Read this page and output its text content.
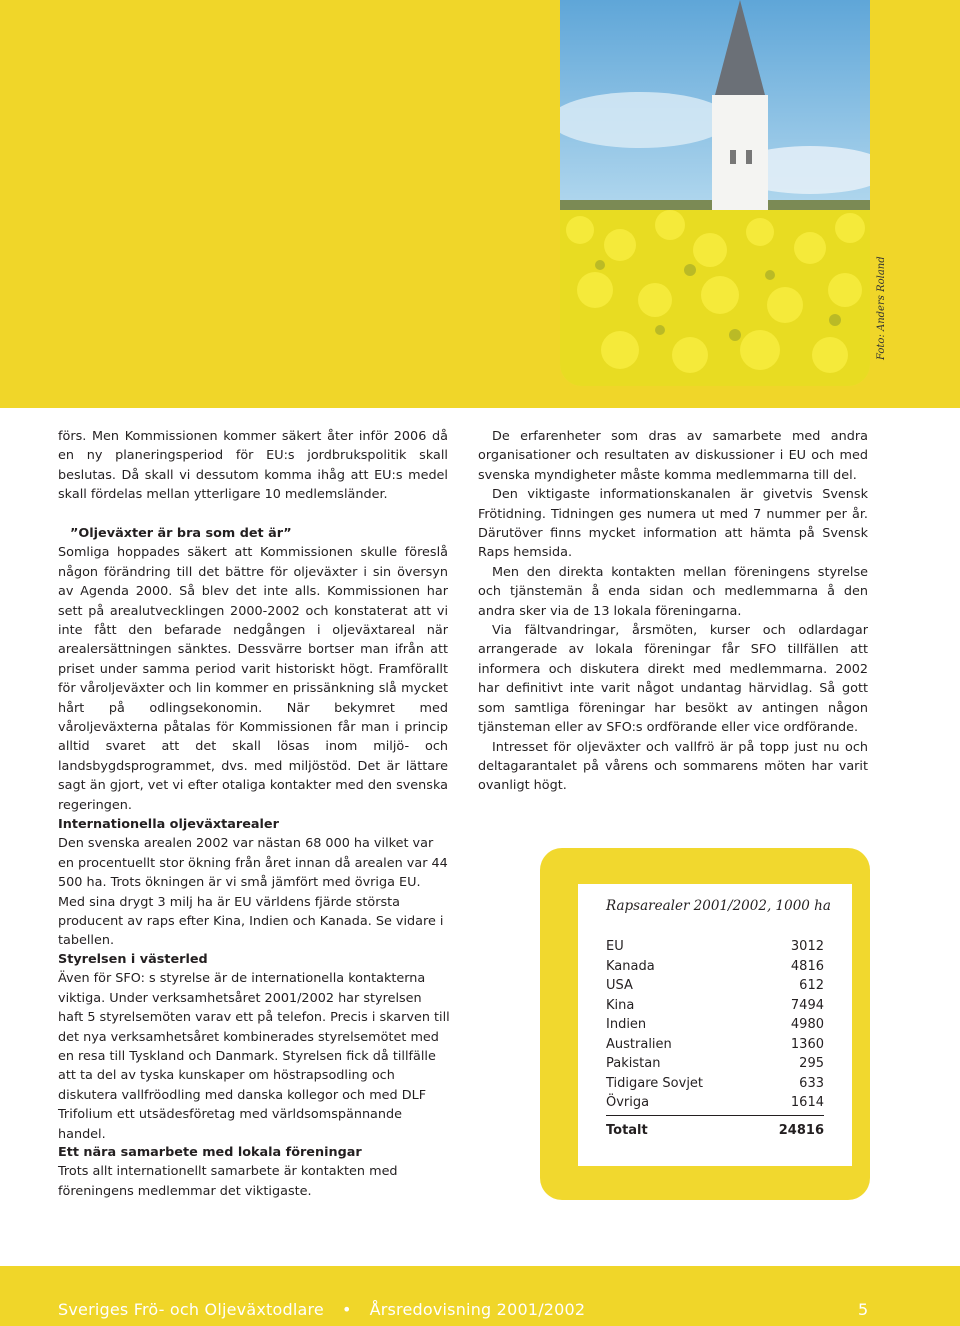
Foto: Anders Roland

förs. Men Kommissionen kommer säkert åter inför 2006 då en ny planeringsperiod för EU:s jordbrukspolitik skall beslutas. Då skall vi dessutom komma ihåg att EU:s medel skall fördelas mellan ytterligare 10 medlemsländer.

”Oljeväxter är bra som det är”

Somliga hoppades säkert att Kommissionen skulle föreslå någon förändring till det bättre för oljeväxter i sin översyn av Agenda 2000. Så blev det inte alls. Kommissionen har sett på arealutvecklingen 2000-2002 och konstaterat att vi inte fått den befarade nedgången i oljeväxtareal när arealersättningen sänktes. Dessvärre bortser man ifrån att priset under samma period varit historiskt högt. Framförallt för våroljeväxter och lin kommer en prissänkning slå mycket hårt på odlingsekonomin. När bekymret med våroljeväxterna påtalas för Kommissionen får man i princip alltid svaret att det skall lösas inom miljö- och landsbygdsprogrammet, dvs. med miljöstöd. Det är lättare sagt än gjort, vet vi efter otaliga kontakter med den svenska regeringen.

De erfarenheter som dras av samarbete med andra organisationer och resultaten av diskussioner i EU och med svenska myndigheter måste komma medlemmarna till del.

Den viktigaste informationskanalen är givetvis Svensk Frötidning. Tidningen ges numera ut med 7 nummer per år. Därutöver finns mycket information att hämta på Svensk Raps hemsida.

Men den direkta kontakten mellan föreningens styrelse och tjänstemän å enda sidan och medlemmarna å den andra sker via de 13 lokala föreningarna.

Via fältvandringar, årsmöten, kurser och odlardagar arrangerade av lokala föreningar får SFO tillfällen att informera och diskutera direkt med medlemmarna. 2002 har definitivt inte varit något undantag härvidlag. Så gott som samtliga föreningar har besökt av antingen någon tjänsteman eller av SFO:s ordförande eller vice ordförande.

Intresset för oljeväxter och vallfrö är på topp just nu och deltagarantalet på vårens och sommarens möten har varit ovanligt högt.

Internationella oljeväxtarealer

Den svenska arealen 2002 var nästan 68 000 ha vilket var en procentuellt stor ökning från året innan då arealen var 44 500 ha. Trots ökningen är vi små jämfört med övriga EU. Med sina drygt 3 milj ha är EU världens fjärde största producent av raps efter Kina, Indien och Kanada. Se vidare i tabellen.

Styrelsen i västerled

Även för SFO: s styrelse är de internationella kontakterna viktiga. Under verksamhetsåret 2001/2002 har styrelsen haft 5 styrelsemöten varav ett på telefon. Precis i skarven till det nya verksamhetsåret kombinerades styrelsemötet med en resa till Tyskland och Danmark. Styrelsen fick då tillfälle att ta del av tyska kunskaper om höstrapsodling och diskutera vallfröodling med danska kollegor och med DLF Trifolium ett utsädesföretag med världsomspännande handel.

Ett nära samarbete med lokala föreningar

Trots allt internationellt samarbete är kontakten med föreningens medlemmar det viktigaste.

Rapsarealer 2001/2002, 1000 ha
EU	3012
Kanada	4816
USA	612
Kina	7494
Indien	4980
Australien	1360
Pakistan	295
Tidigare Sovjet	633
Övriga	1614
Totalt	24816
Sveriges Frö- och Oljeväxtodlare • Årsredovisning 2001/2002	5
